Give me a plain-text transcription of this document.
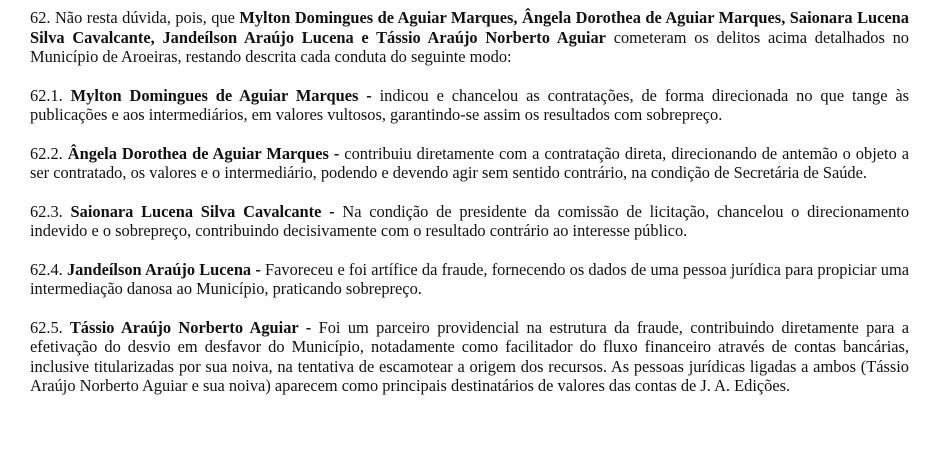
62. Não resta dúvida, pois, que Mylton Domingues de Aguiar Marques, Ângela Dorothea de Aguiar Marques, Saionara Lucena Silva Cavalcante, Jandeílson Araújo Lucena e Tássio Araújo Norberto Aguiar cometeram os delitos acima detalhados no Município de Aroeiras, restando descrita cada conduta do seguinte modo:

62.1. Mylton Domingues de Aguiar Marques - indicou e chancelou as contratações, de forma direcionada no que tange às publicações e aos intermediários, em valores vultosos, garantindo-se assim os resultados com sobrepreço.

62.2. Ângela Dorothea de Aguiar Marques - contribuiu diretamente com a contratação direta, direcionando de antemão o objeto a ser contratado, os valores e o intermediário, podendo e devendo agir sem sentido contrário, na condição de Secretária de Saúde.

62.3. Saionara Lucena Silva Cavalcante - Na condição de presidente da comissão de licitação, chancelou o direcionamento indevido e o sobrepreço, contribuindo decisivamente com o resultado contrário ao interesse público.

62.4. Jandeílson Araújo Lucena - Favoreceu e foi artífice da fraude, fornecendo os dados de uma pessoa jurídica para propiciar uma intermediação danosa ao Município, praticando sobrepreço.

62.5. Tássio Araújo Norberto Aguiar - Foi um parceiro providencial na estrutura da fraude, contribuindo diretamente para a efetivação do desvio em desfavor do Município, notadamente como facilitador do fluxo financeiro através de contas bancárias, inclusive titularizadas por sua noiva, na tentativa de escamotear a origem dos recursos. As pessoas jurídicas ligadas a ambos (Tássio Araújo Norberto Aguiar e sua noiva) aparecem como principais destinatários de valores das contas de J. A. Edições.
